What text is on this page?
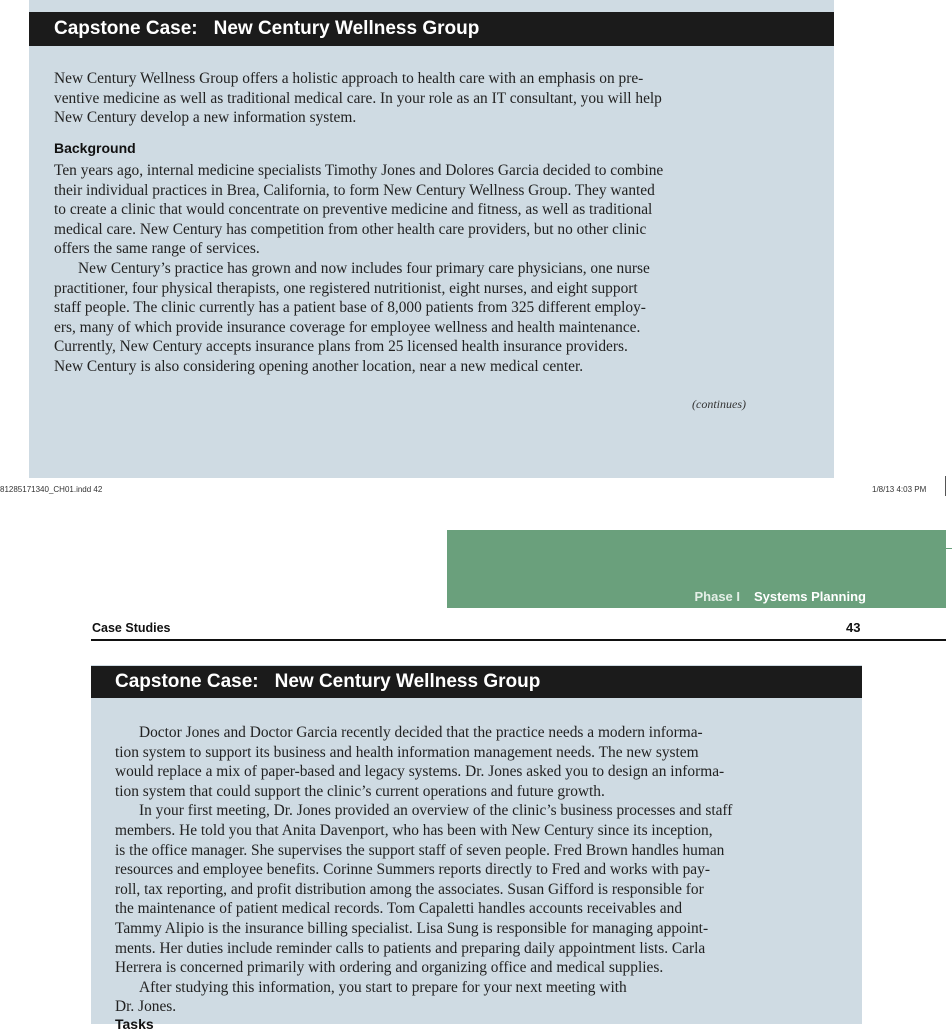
Capstone Case: New Century Wellness Group
New Century Wellness Group offers a holistic approach to health care with an emphasis on pre-
ventive medicine as well as traditional medical care. In your role as an IT consultant, you will help
New Century develop a new information system.
Background
Ten years ago, internal medicine specialists Timothy Jones and Dolores Garcia decided to combine
their individual practices in Brea, California, to form New Century Wellness Group. They wanted
to create a clinic that would concentrate on preventive medicine and fitness, as well as traditional
medical care. New Century has competition from other health care providers, but no other clinic
offers the same range of services.
New Century’s practice has grown and now includes four primary care physicians, one nurse
practitioner, four physical therapists, one registered nutritionist, eight nurses, and eight support
staff people. The clinic currently has a patient base of 8,000 patients from 325 different employ-
ers, many of which provide insurance coverage for employee wellness and health maintenance.
Currently, New Century accepts insurance plans from 25 licensed health insurance providers.
New Century is also considering opening another location, near a new medical center.
(continues)
81285171340_CH01.indd 42	1/8/13 4:03 PM
Phase I Systems Planning
Case Studies	43
Capstone Case: New Century Wellness Group
Doctor Jones and Doctor Garcia recently decided that the practice needs a modern informa-
tion system to support its business and health information management needs. The new system
would replace a mix of paper-based and legacy systems. Dr. Jones asked you to design an informa-
tion system that could support the clinic’s current operations and future growth.
In your first meeting, Dr. Jones provided an overview of the clinic’s business processes and staff
members. He told you that Anita Davenport, who has been with New Century since its inception,
is the office manager. She supervises the support staff of seven people. Fred Brown handles human
resources and employee benefits. Corinne Summers reports directly to Fred and works with pay-
roll, tax reporting, and profit distribution among the associates. Susan Gifford is responsible for
the maintenance of patient medical records. Tom Capaletti handles accounts receivables and
Tammy Alipio is the insurance billing specialist. Lisa Sung is responsible for managing appoint-
ments. Her duties include reminder calls to patients and preparing daily appointment lists. Carla
Herrera is concerned primarily with ordering and organizing office and medical supplies.
After studying this information, you start to prepare for your next meeting with
Dr. Jones.
Tasks
